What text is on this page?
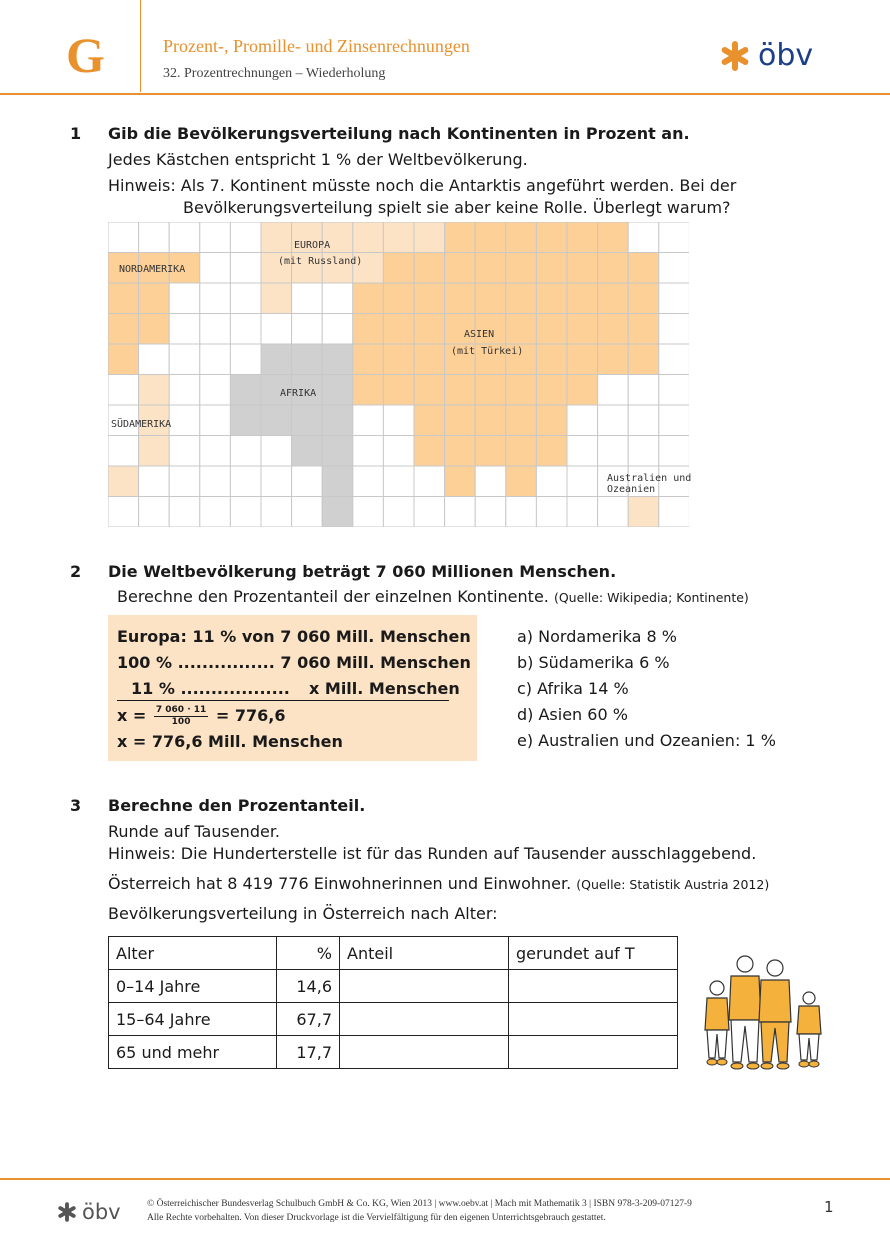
G	Prozent-, Promille- und Zinsenrechnungen
32. Prozentrechnungen – Wiederholung
öbv
1 Gib die Bevölkerungsverteilung nach Kontinenten in Prozent an.
Jedes Kästchen entspricht 1 % der Weltbevölkerung.
Hinweis: Als 7. Kontinent müsste noch die Antarktis angeführt werden. Bei der
Bevölkerungsverteilung spielt sie aber keine Rolle. Überlegt warum?
EUROPA
(mit Russland)
NORDAMERIKA
ASIEN
(mit Türkei)
AFRIKA
SÜDAMERIKA
Australien und
Ozeanien
2 Die Weltbevölkerung beträgt 7 060 Millionen Menschen.
Berechne den Prozentanteil der einzelnen Kontinente. (Quelle: Wikipedia; Kontinente)
Europa: 11 % von 7 060 Mill. Menschen
100 % ................ 7 060 Mill. Menschen
11 % .................. x Mill. Menschen
$x = \frac{7 060 \cdot 11}{100} = 776,6$
x = 776,6 Mill. Menschen
a) Nordamerika 8 %
b) Südamerika 6 %
c) Afrika 14 %
d) Asien 60 %
e) Australien und Ozeanien: 1 %
3 Berechne den Prozentanteil.
Runde auf Tausender.
Hinweis: Die Hunderterstelle ist für das Runden auf Tausender ausschlaggebend.
Österreich hat 8 419 776 Einwohnerinnen und Einwohner. (Quelle: Statistik Austria 2012)
Bevölkerungsverteilung in Österreich nach Alter:
Alter	%	Anteil	gerundet auf T
0–14 Jahre	14,6		
15–64 Jahre	67,7		
65 und mehr	17,7		
öbv	© Österreichischer Bundesverlag Schulbuch GmbH & Co. KG, Wien 2013 | www.oebv.at | Mach mit Mathematik 3 | ISBN 978-3-209-07127-9
Alle Rechte vorbehalten. Von dieser Druckvorlage ist die Vervielfältigung für den eigenen Unterrichtsgebrauch gestattet.
1
